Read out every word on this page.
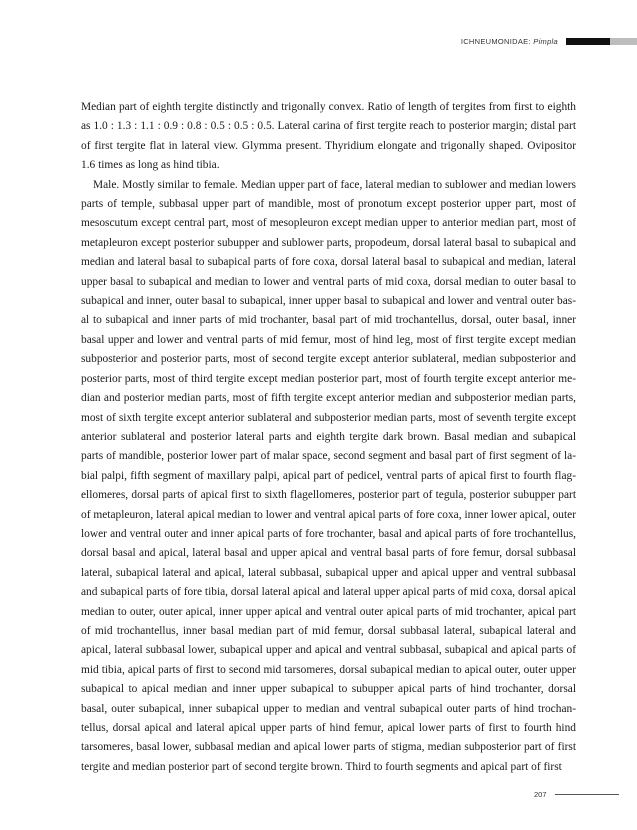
ICHNEUMONIDAE: Pimpla

Median part of eighth tergite distinctly and trigonally convex. Ratio of length of tergites from first to eighth as 1.0 : 1.3 : 1.1 : 0.9 : 0.8 : 0.5 : 0.5 : 0.5. Lateral carina of first tergite reach to posterior margin; distal part of first tergite flat in lateral view. Glymma present. Thyridium elongate and trigonally shaped. Ovipositor 1.6 times as long as hind tibia.

Male. Mostly similar to female. Median upper part of face, lateral median to sublower and median lowers parts of temple, subbasal upper part of mandible, most of pronotum except posterior upper part, most of mesoscutum except central part, most of mesopleuron except median upper to anterior median part, most of metapleuron except posterior subupper and sublower parts, propodeum, dorsal lateral basal to subapical and median and lateral basal to subapical parts of fore coxa, dorsal lateral basal to subapical and median, lateral upper basal to subapical and median to lower and ventral parts of mid coxa, dorsal median to outer basal to subapical and inner, outer basal to subapical, inner upper basal to subapical and lower and ventral outer basal to subapical and inner parts of mid trochanter, basal part of mid trochantellus, dorsal, outer basal, inner basal upper and lower and ventral parts of mid femur, most of hind leg, most of first tergite except median subposterior and posterior parts, most of second tergite except anterior sublateral, median subposterior and posterior parts, most of third tergite except median posterior part, most of fourth tergite except anterior median and posterior median parts, most of fifth tergite except anterior median and subposterior median parts, most of sixth tergite except anterior sublateral and subposterior median parts, most of seventh tergite except anterior sublateral and posterior lateral parts and eighth tergite dark brown. Basal median and subapical parts of mandible, posterior lower part of malar space, second segment and basal part of first segment of labial palpi, fifth segment of maxillary palpi, apical part of pedicel, ventral parts of apical first to fourth flagellomeres, dorsal parts of apical first to sixth flagellomeres, posterior part of tegula, posterior subupper part of metapleuron, lateral apical median to lower and ventral apical parts of fore coxa, inner lower apical, outer lower and ventral outer and inner apical parts of fore trochanter, basal and apical parts of fore trochantellus, dorsal basal and apical, lateral basal and upper apical and ventral basal parts of fore femur, dorsal subbasal lateral, subapical lateral and apical, lateral subbasal, subapical upper and apical upper and ventral subbasal and subapical parts of fore tibia, dorsal lateral apical and lateral upper apical parts of mid coxa, dorsal apical median to outer, outer apical, inner upper apical and ventral outer apical parts of mid trochanter, apical part of mid trochantellus, inner basal median part of mid femur, dorsal subbasal lateral, subapical lateral and apical, lateral subbasal lower, subapical upper and apical and ventral subbasal, subapical and apical parts of mid tibia, apical parts of first to second mid tarsomeres, dorsal subapical median to apical outer, outer upper subapical to apical median and inner upper subapical to subupper apical parts of hind trochanter, dorsal basal, outer subapical, inner subapical upper to median and ventral subapical outer parts of hind trochantellus, dorsal apical and lateral apical upper parts of hind femur, apical lower parts of first to fourth hind tarsomeres, basal lower, subbasal median and apical lower parts of stigma, median subposterior part of first tergite and median posterior part of second tergite brown. Third to fourth segments and apical part of first

207
